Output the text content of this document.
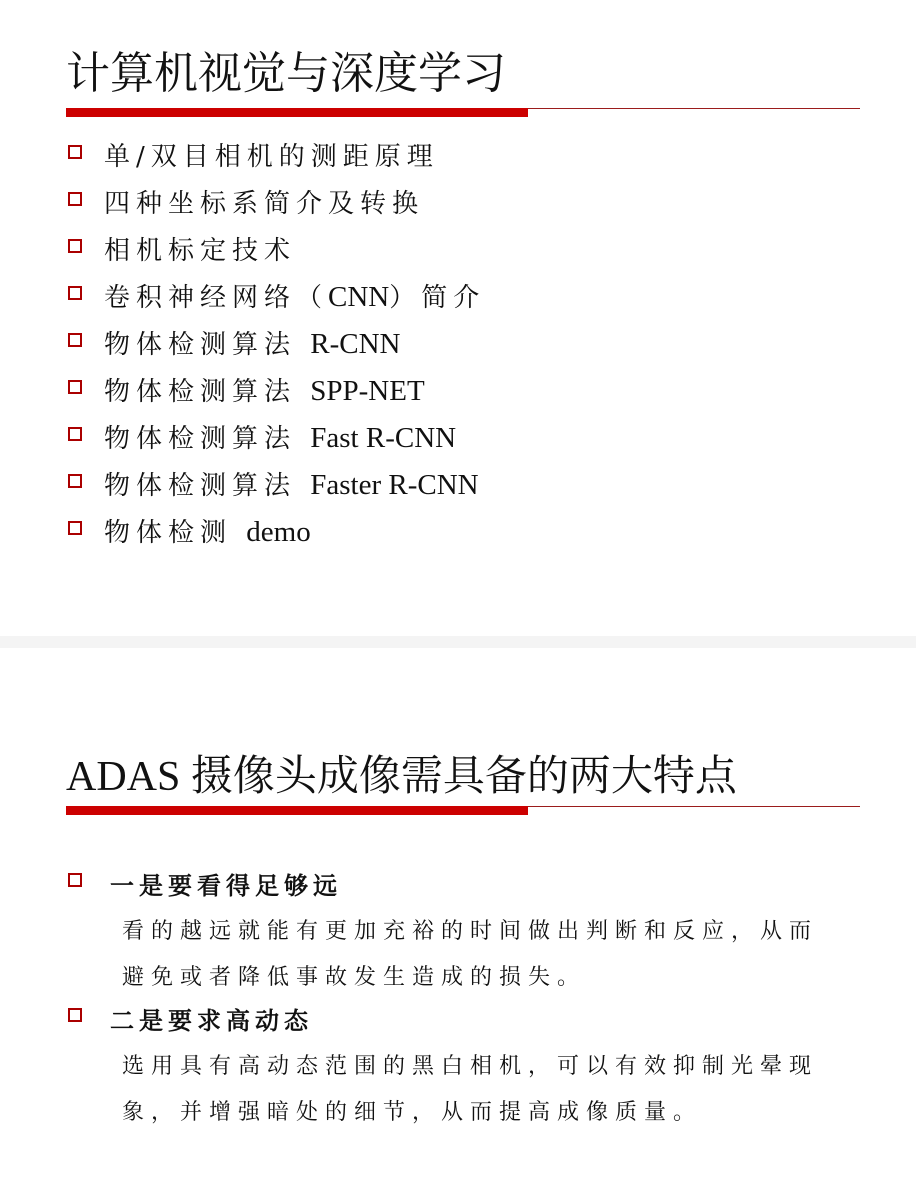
计算机视觉与深度学习
单/双目相机的测距原理
四种坐标系简介及转换
相机标定技术
卷积神经网络（CNN）简介
物体检测算法 R-CNN
物体检测算法 SPP-NET
物体检测算法 Fast R-CNN
物体检测算法 Faster R-CNN
物体检测 demo
ADAS 摄像头成像需具备的两大特点
一是要看得足够远
看的越远就能有更加充裕的时间做出判断和反应，从而
避免或者降低事故发生造成的损失。
二是要求高动态
选用具有高动态范围的黑白相机，可以有效抑制光晕现
象，并增强暗处的细节，从而提高成像质量。
